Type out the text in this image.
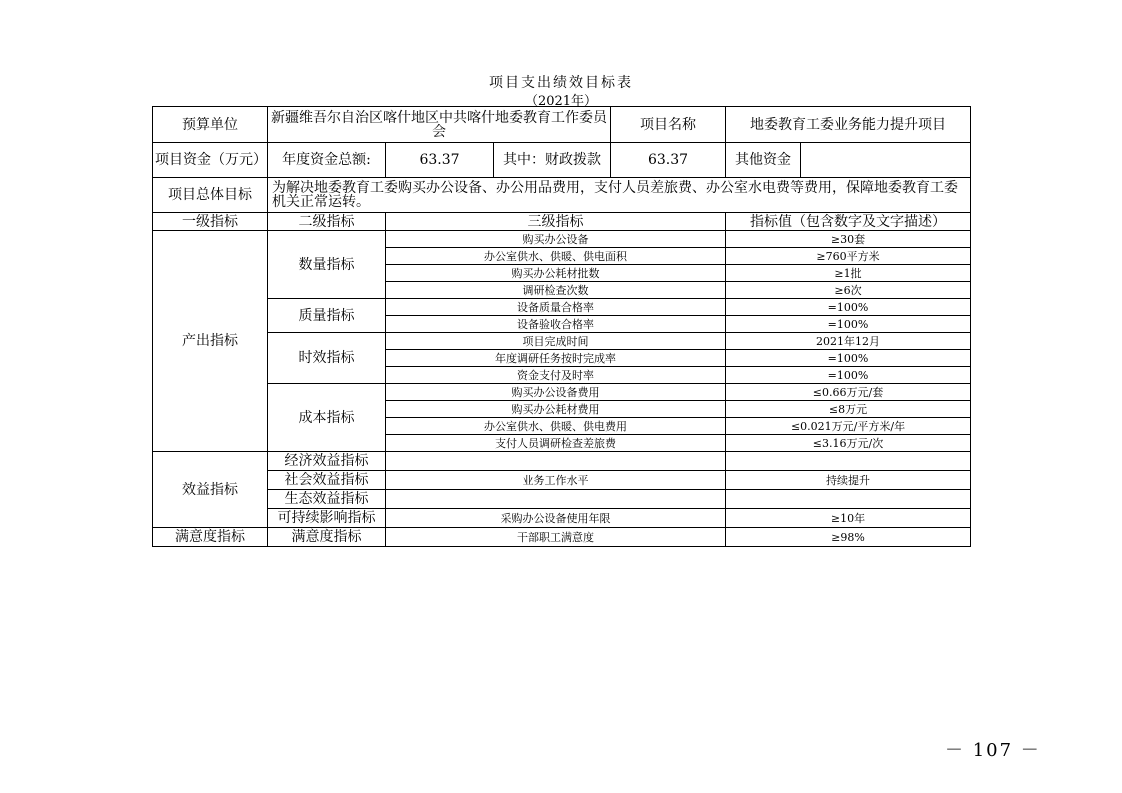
项目支出绩效目标表
（2021年）
预算单位	新疆维吾尔自治区喀什地区中共喀什地委教育工作委员会			项目名称	地委教育工委业务能力提升项目	
项目资金（万元）	年度资金总额:	63.37	其中：财政拨款	63.37	其他资金	
项目总体目标	为解决地委教育工委购买办公设备、办公用品费用，支付人员差旅费、办公室水电费等费用，保障地委教育工委机关正常运转。					
一级指标	二级指标	三级指标			指标值（包含数字及文字描述）	
产出指标	数量指标	购买办公设备			≥30套	
		办公室供水、供暖、供电面积			≥760平方米	
		购买办公耗材批数			≥1批	
		调研检查次数			≥6次	
	质量指标	设备质量合格率			=100%	
		设备验收合格率			=100%	
	时效指标	项目完成时间			2021年12月	
		年度调研任务按时完成率			=100%	
		资金支付及时率			=100%	
	成本指标	购买办公设备费用			≤0.66万元/套	
		购买办公耗材费用			≤8万元	
		办公室供水、供暖、供电费用			≤0.021万元/平方米/年	
		支付人员调研检查差旅费			≤3.16万元/次	
效益指标	经济效益指标					
	社会效益指标	业务工作水平			持续提升	
	生态效益指标					
	可持续影响指标	采购办公设备使用年限			≥10年	
满意度指标	满意度指标	干部职工满意度			≥98%	
－ 107 －
